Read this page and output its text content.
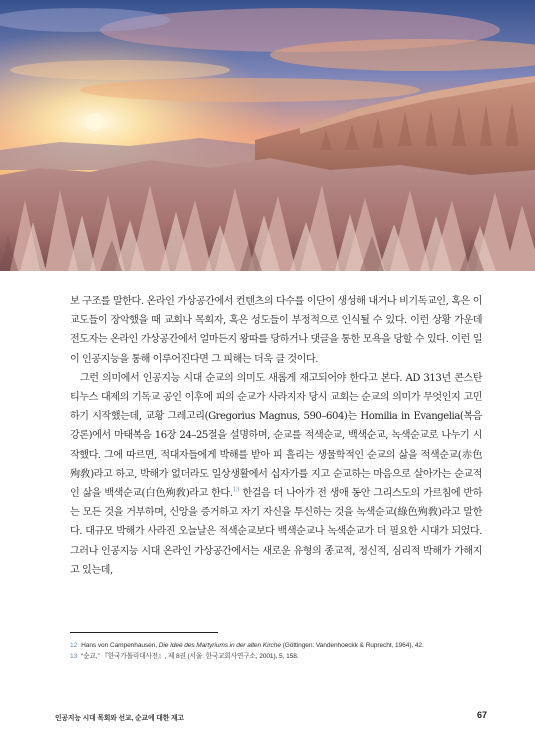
보 구조를 말한다. 온라인 가상공간에서 컨텐츠의 다수를 이단이 생성해 내거나 비기독교인, 혹은 이교도들이 장악했을 때 교회나 목회자, 혹은 성도들이 부정적으로 인식될 수 있다. 이런 상황 가운데 전도자는 온라인 가상공간에서 얼마든지 왕따를 당하거나 댓글을 통한 모욕을 당할 수 있다. 이런 일이 인공지능을 통해 이루어진다면 그 피해는 더욱 클 것이다.

그런 의미에서 인공지능 시대 순교의 의미도 새롭게 재고되어야 한다고 본다. AD 313년 콘스탄티누스 대제의 기독교 공인 이후에 피의 순교가 사라지자 당시 교회는 순교의 의미가 무엇인지 고민하기 시작했는데, 교황 그레고리(Gregorius Magnus, 590–604)는 Homilia in Evangelia(복음 강론)에서 마태복음 16장 24–25절을 설명하며, 순교를 적색순교, 백색순교, 녹색순교로 나누기 시작했다. 그에 따르면, 적대자들에게 박해를 받아 피 흘리는 생물학적인 순교의 삶을 적색순교(赤色殉敎)라고 하고, 박해가 없더라도 일상생활에서 십자가를 지고 순교하는 마음으로 살아가는 순교적인 삶을 백색순교(白色殉敎)라고 한다.$^{13}$ 한걸음 더 나아가 전 생애 동안 그리스도의 가르침에 반하는 모든 것을 거부하며, 신앙을 증거하고 자기 자신을 투신하는 것을 녹색순교(綠色殉敎)라고 말한다. 대규모 박해가 사라진 오늘날은 적색순교보다 백색순교나 녹색순교가 더 필요한 시대가 되었다. 그러나 인공지능 시대 온라인 가상공간에서는 새로운 유형의 종교적, 정신적, 심리적 박해가 가해지고 있는데,

12 Hans von Campenhausen, Die Idee des Martyriums in der alten Kirche (Göttingen: Vandenhoeckk & Ruprecht, 1964), 42.
13 “순교,” 『한국가톨릭대사전』, 제 8권 (서울: 한국교회사연구소, 2001), 5, 158.
인공지능 시대 목회와 선교, 순교에 대한 재고	67
